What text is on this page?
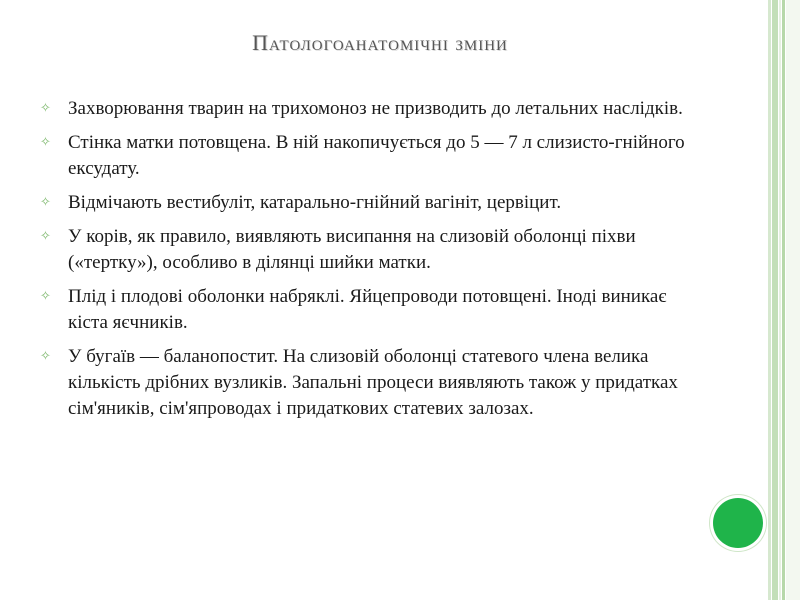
Патологоанатомічні зміни
✧ Захворювання тварин на трихомоноз не призводить до летальних наслідків.
✧ Стінка матки потовщена. В ній накопичується до 5 — 7 л слизисто-гнійного ексудату.
✧ Відмічають вестибуліт, катарально-гнійний вагініт, цервіцит.
✧ У корів, як правило, виявляють висипання на слизовій оболонці піхви («тертку»), особливо в ділянці шийки матки.
✧ Плід і плодові оболонки набряклі. Яйцепроводи потовщені. Іноді виникає кіста яєчників.
✧ У бугаїв — баланопостит. На слизовій оболонці статевого члена велика кількість дрібних вузликів. Запальні процеси виявляють також у придатках сім'яників, сім'япроводах і придаткових статевих залозах.
